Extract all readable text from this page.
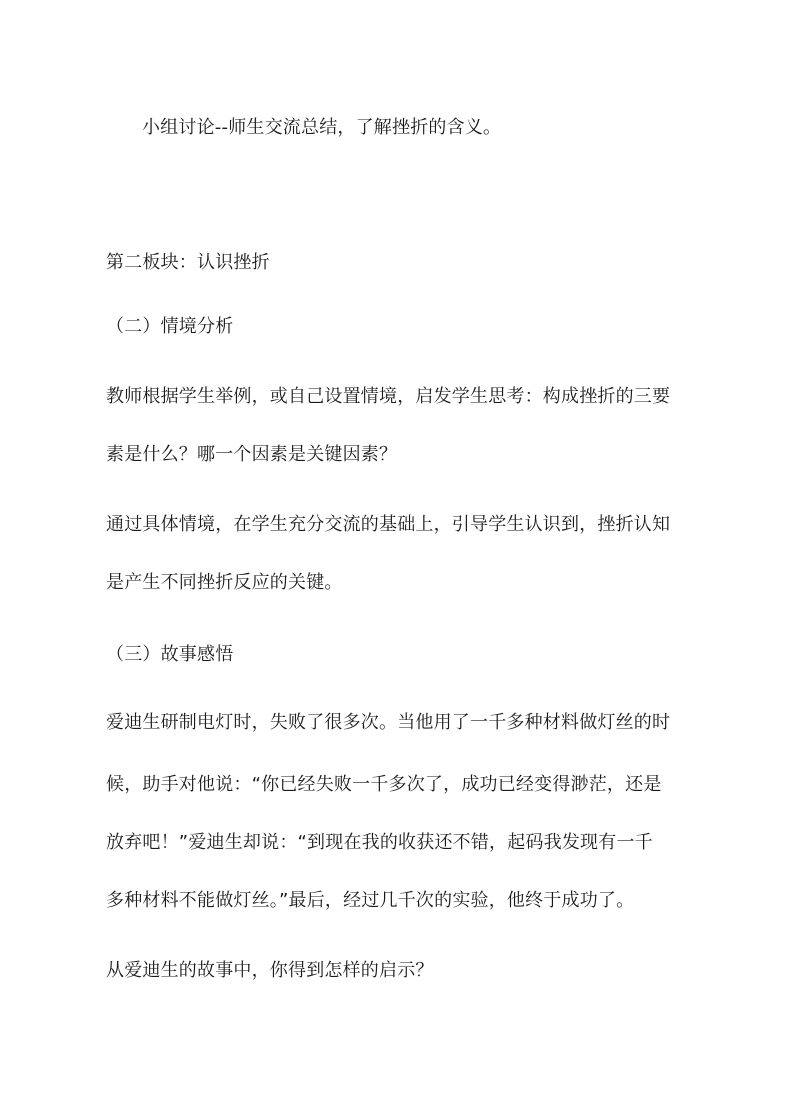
小组讨论--师生交流总结，了解挫折的含义。
第二板块：认识挫折
（二）情境分析
教师根据学生举例，或自己设置情境，启发学生思考：构成挫折的三要
素是什么？哪一个因素是关键因素？
通过具体情境，在学生充分交流的基础上，引导学生认识到，挫折认知
是产生不同挫折反应的关键。
（三）故事感悟
爱迪生研制电灯时，失败了很多次。当他用了一千多种材料做灯丝的时
候，助手对他说：“你已经失败一千多次了，成功已经变得渺茫，还是
放弃吧！”爱迪生却说：“到现在我的收获还不错，起码我发现有一千
多种材料不能做灯丝。”最后，经过几千次的实验，他终于成功了。
从爱迪生的故事中，你得到怎样的启示？
